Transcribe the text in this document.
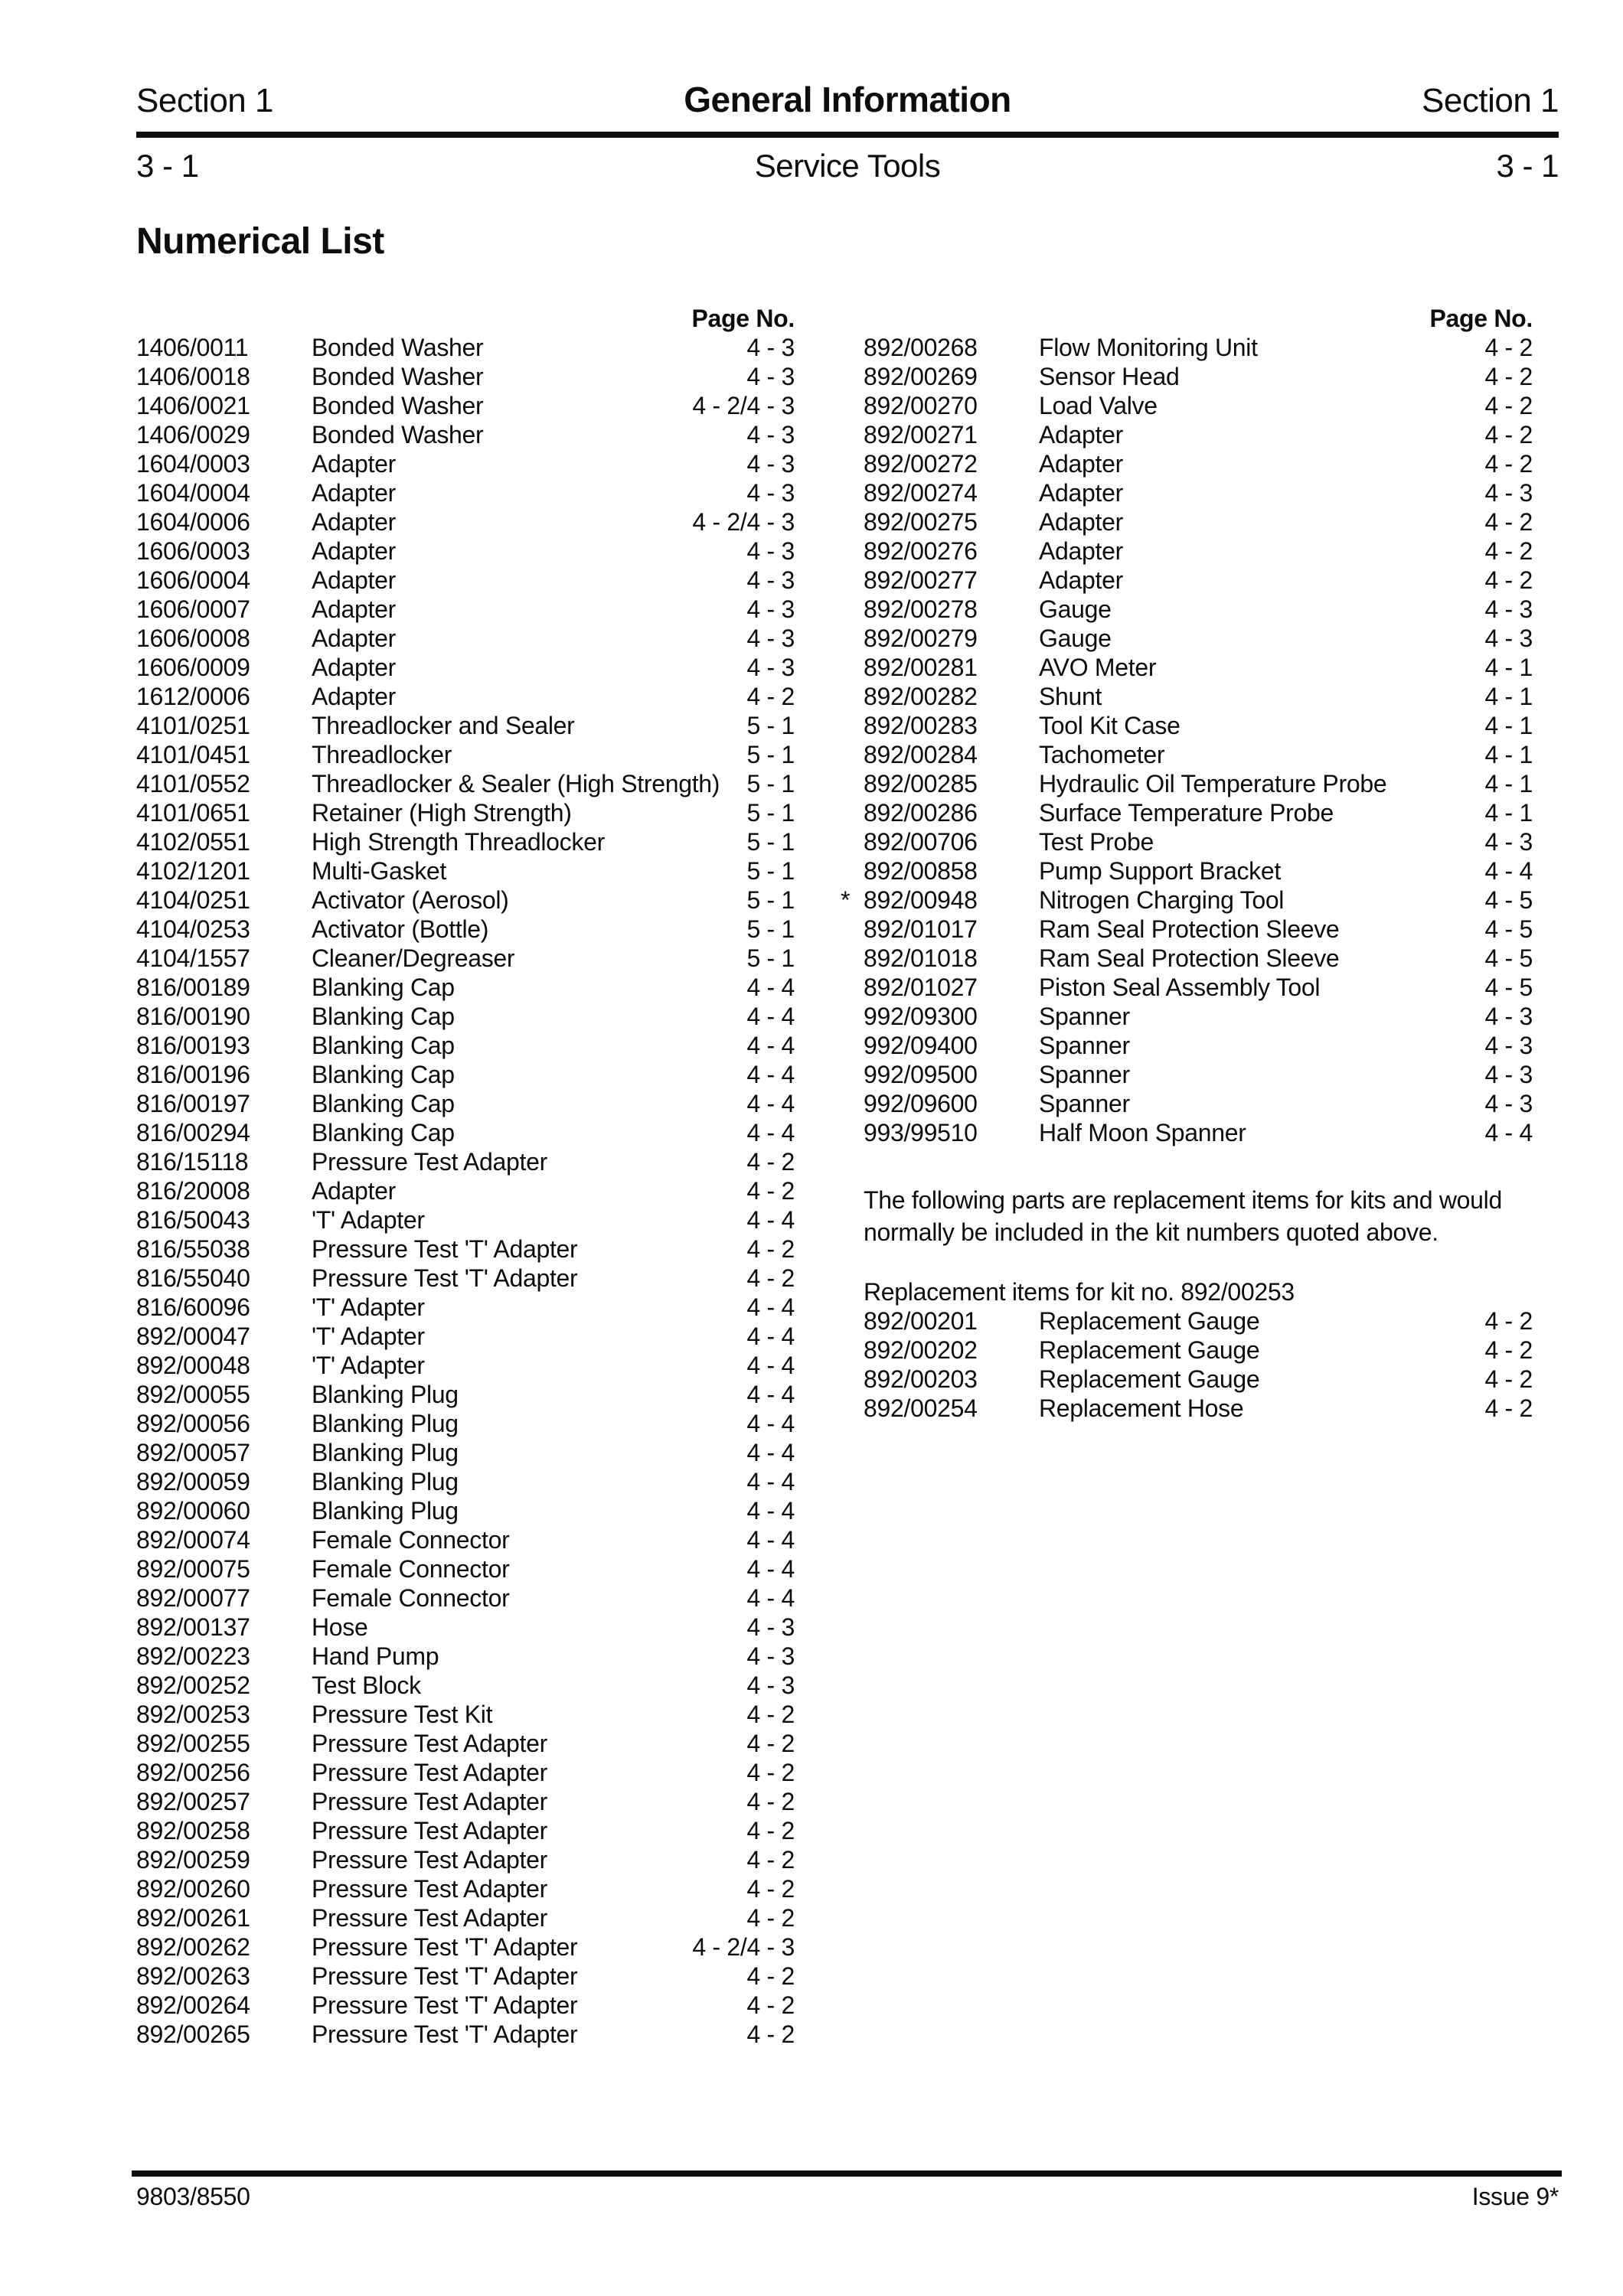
Section 1	General Information	Section 1
3 - 1	Service Tools	3 - 1
Numerical List
Page No.
1406/0011	Bonded Washer	4 - 3
1406/0018	Bonded Washer	4 - 3
1406/0021	Bonded Washer	4 - 2/4 - 3
1406/0029	Bonded Washer	4 - 3
1604/0003	Adapter	4 - 3
1604/0004	Adapter	4 - 3
1604/0006	Adapter	4 - 2/4 - 3
1606/0003	Adapter	4 - 3
1606/0004	Adapter	4 - 3
1606/0007	Adapter	4 - 3
1606/0008	Adapter	4 - 3
1606/0009	Adapter	4 - 3
1612/0006	Adapter	4 - 2
4101/0251	Threadlocker and Sealer	5 - 1
4101/0451	Threadlocker	5 - 1
4101/0552	Threadlocker & Sealer (High Strength)	5 - 1
4101/0651	Retainer (High Strength)	5 - 1
4102/0551	High Strength Threadlocker	5 - 1
4102/1201	Multi-Gasket	5 - 1
4104/0251	Activator (Aerosol)	5 - 1
4104/0253	Activator (Bottle)	5 - 1
4104/1557	Cleaner/Degreaser	5 - 1
816/00189	Blanking Cap	4 - 4
816/00190	Blanking Cap	4 - 4
816/00193	Blanking Cap	4 - 4
816/00196	Blanking Cap	4 - 4
816/00197	Blanking Cap	4 - 4
816/00294	Blanking Cap	4 - 4
816/15118	Pressure Test Adapter	4 - 2
816/20008	Adapter	4 - 2
816/50043	'T' Adapter	4 - 4
816/55038	Pressure Test 'T' Adapter	4 - 2
816/55040	Pressure Test 'T' Adapter	4 - 2
816/60096	'T' Adapter	4 - 4
892/00047	'T' Adapter	4 - 4
892/00048	'T' Adapter	4 - 4
892/00055	Blanking Plug	4 - 4
892/00056	Blanking Plug	4 - 4
892/00057	Blanking Plug	4 - 4
892/00059	Blanking Plug	4 - 4
892/00060	Blanking Plug	4 - 4
892/00074	Female Connector	4 - 4
892/00075	Female Connector	4 - 4
892/00077	Female Connector	4 - 4
892/00137	Hose	4 - 3
892/00223	Hand Pump	4 - 3
892/00252	Test Block	4 - 3
892/00253	Pressure Test Kit	4 - 2
892/00255	Pressure Test Adapter	4 - 2
892/00256	Pressure Test Adapter	4 - 2
892/00257	Pressure Test Adapter	4 - 2
892/00258	Pressure Test Adapter	4 - 2
892/00259	Pressure Test Adapter	4 - 2
892/00260	Pressure Test Adapter	4 - 2
892/00261	Pressure Test Adapter	4 - 2
892/00262	Pressure Test 'T' Adapter	4 - 2/4 - 3
892/00263	Pressure Test 'T' Adapter	4 - 2
892/00264	Pressure Test 'T' Adapter	4 - 2
892/00265	Pressure Test 'T' Adapter	4 - 2
Page No.
892/00268	Flow Monitoring Unit	4 - 2
892/00269	Sensor Head	4 - 2
892/00270	Load Valve	4 - 2
892/00271	Adapter	4 - 2
892/00272	Adapter	4 - 2
892/00274	Adapter	4 - 3
892/00275	Adapter	4 - 2
892/00276	Adapter	4 - 2
892/00277	Adapter	4 - 2
892/00278	Gauge	4 - 3
892/00279	Gauge	4 - 3
892/00281	AVO Meter	4 - 1
892/00282	Shunt	4 - 1
892/00283	Tool Kit Case	4 - 1
892/00284	Tachometer	4 - 1
892/00285	Hydraulic Oil Temperature Probe	4 - 1
892/00286	Surface Temperature Probe	4 - 1
892/00706	Test Probe	4 - 3
892/00858	Pump Support Bracket	4 - 4
* 892/00948	Nitrogen Charging Tool	4 - 5
892/01017	Ram Seal Protection Sleeve	4 - 5
892/01018	Ram Seal Protection Sleeve	4 - 5
892/01027	Piston Seal Assembly Tool	4 - 5
992/09300	Spanner	4 - 3
992/09400	Spanner	4 - 3
992/09500	Spanner	4 - 3
992/09600	Spanner	4 - 3
993/99510	Half Moon Spanner	4 - 4
The following parts are replacement items for kits and would
normally be included in the kit numbers quoted above.
Replacement items for kit no. 892/00253
892/00201	Replacement Gauge	4 - 2
892/00202	Replacement Gauge	4 - 2
892/00203	Replacement Gauge	4 - 2
892/00254	Replacement Hose	4 - 2
9803/8550	Issue 9*
